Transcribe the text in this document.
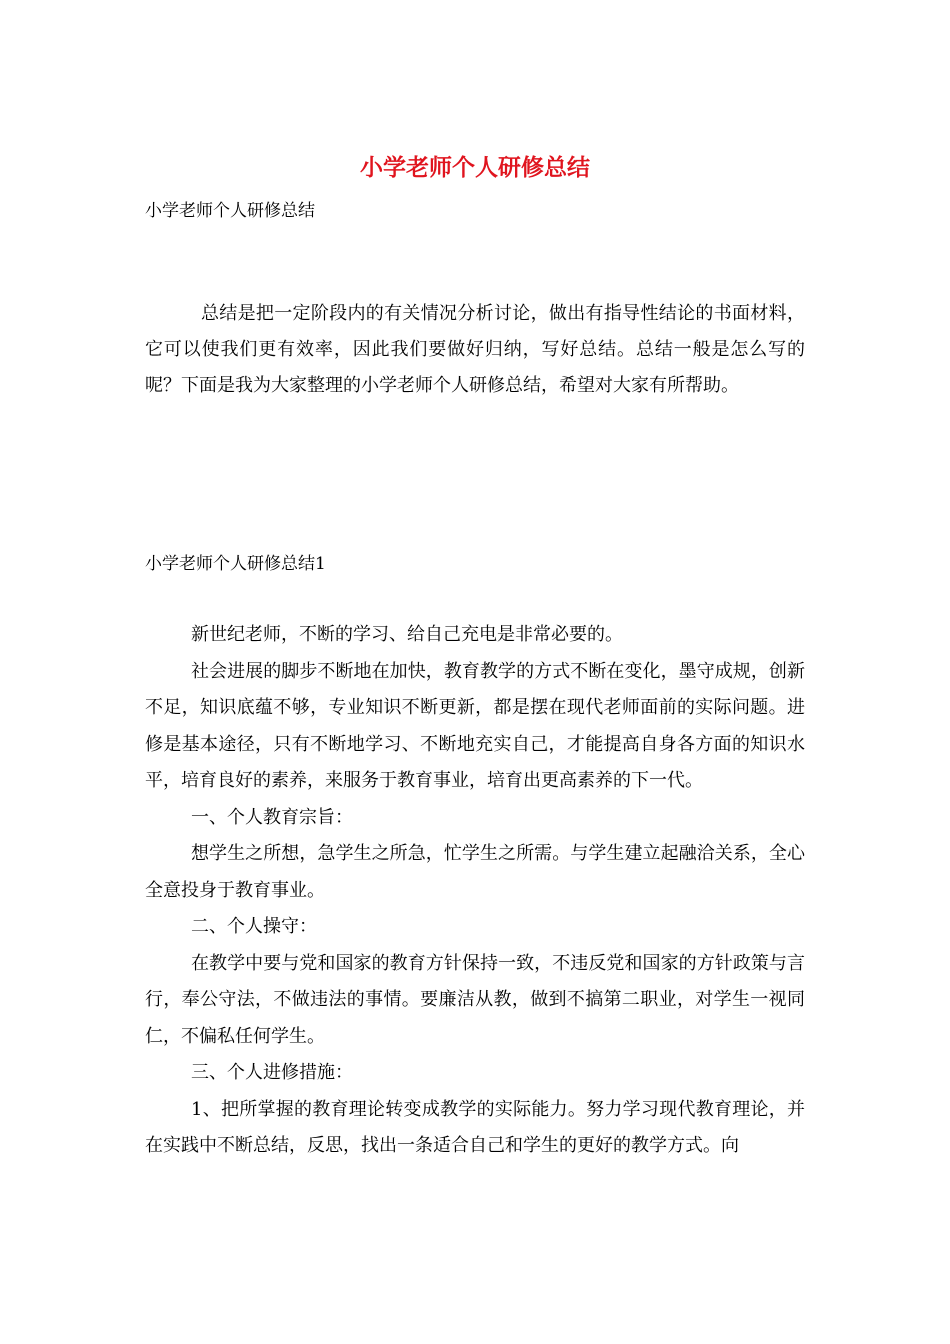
小学老师个人研修总结

小学老师个人研修总结

总结是把一定阶段内的有关情况分析讨论，做出有指导性结论的书面材料，它可以使我们更有效率，因此我们要做好归纳，写好总结。总结一般是怎么写的呢？下面是我为大家整理的小学老师个人研修总结，希望对大家有所帮助。

小学老师个人研修总结1

新世纪老师，不断的学习、给自己充电是非常必要的。

社会进展的脚步不断地在加快，教育教学的方式不断在变化，墨守成规，创新不足，知识底蕴不够，专业知识不断更新，都是摆在现代老师面前的实际问题。进修是基本途径，只有不断地学习、不断地充实自己，才能提高自身各方面的知识水平，培育良好的素养，来服务于教育事业，培育出更高素养的下一代。

一、个人教育宗旨：

想学生之所想，急学生之所急，忙学生之所需。与学生建立起融洽关系，全心全意投身于教育事业。

二、个人操守：

在教学中要与党和国家的教育方针保持一致，不违反党和国家的方针政策与言行，奉公守法，不做违法的事情。要廉洁从教，做到不搞第二职业，对学生一视同仁，不偏私任何学生。

三、个人进修措施：

1、把所掌握的教育理论转变成教学的实际能力。努力学习现代教育理论，并在实践中不断总结，反思，找出一条适合自己和学生的更好的教学方式。向
